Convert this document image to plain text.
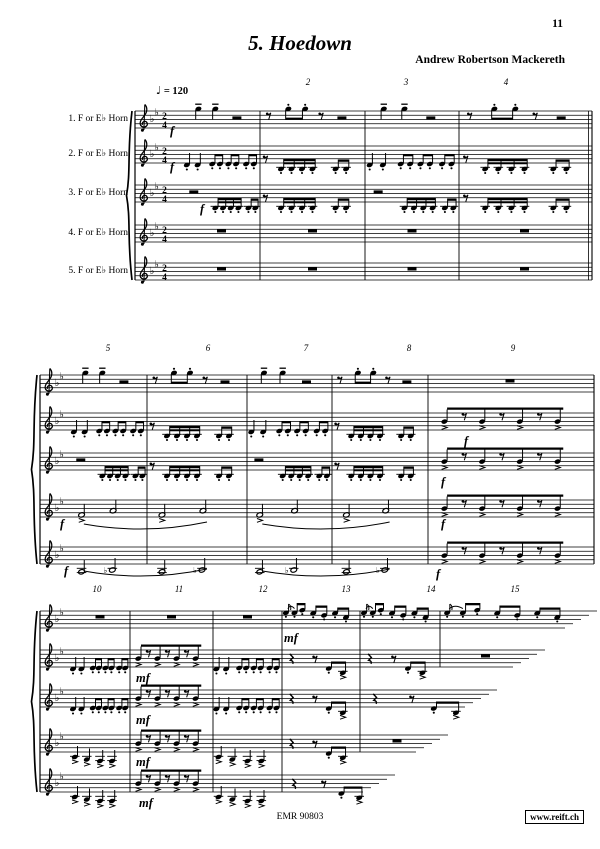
11
5. Hoedown
Andrew Robertson Mackereth
♩ = 120
1. F or E♭ Horn
2. F or E♭ Horn
3. F or E♭ Horn
4. F or E♭ Horn
5. F or E♭ Horn
♭
♭ 2
4
♭
♭ 2
4
♭
♭ 2
4
♭
♭ 2
4
♭
♭ 2
4
♭
♭
♭
♭
♭
♭
♭
♭
♭
♭
♭	♭	♭	♭
♭
♭
♭
♭
♭
♭
♭
♭
♭
♭
2	3	4
f
f
f
5	6	7	8	9
f
f
f
f
f
f
10	11	12	13	14	15
mf
mf
mf
mf
mf
EMR 90803	www.reift.ch
